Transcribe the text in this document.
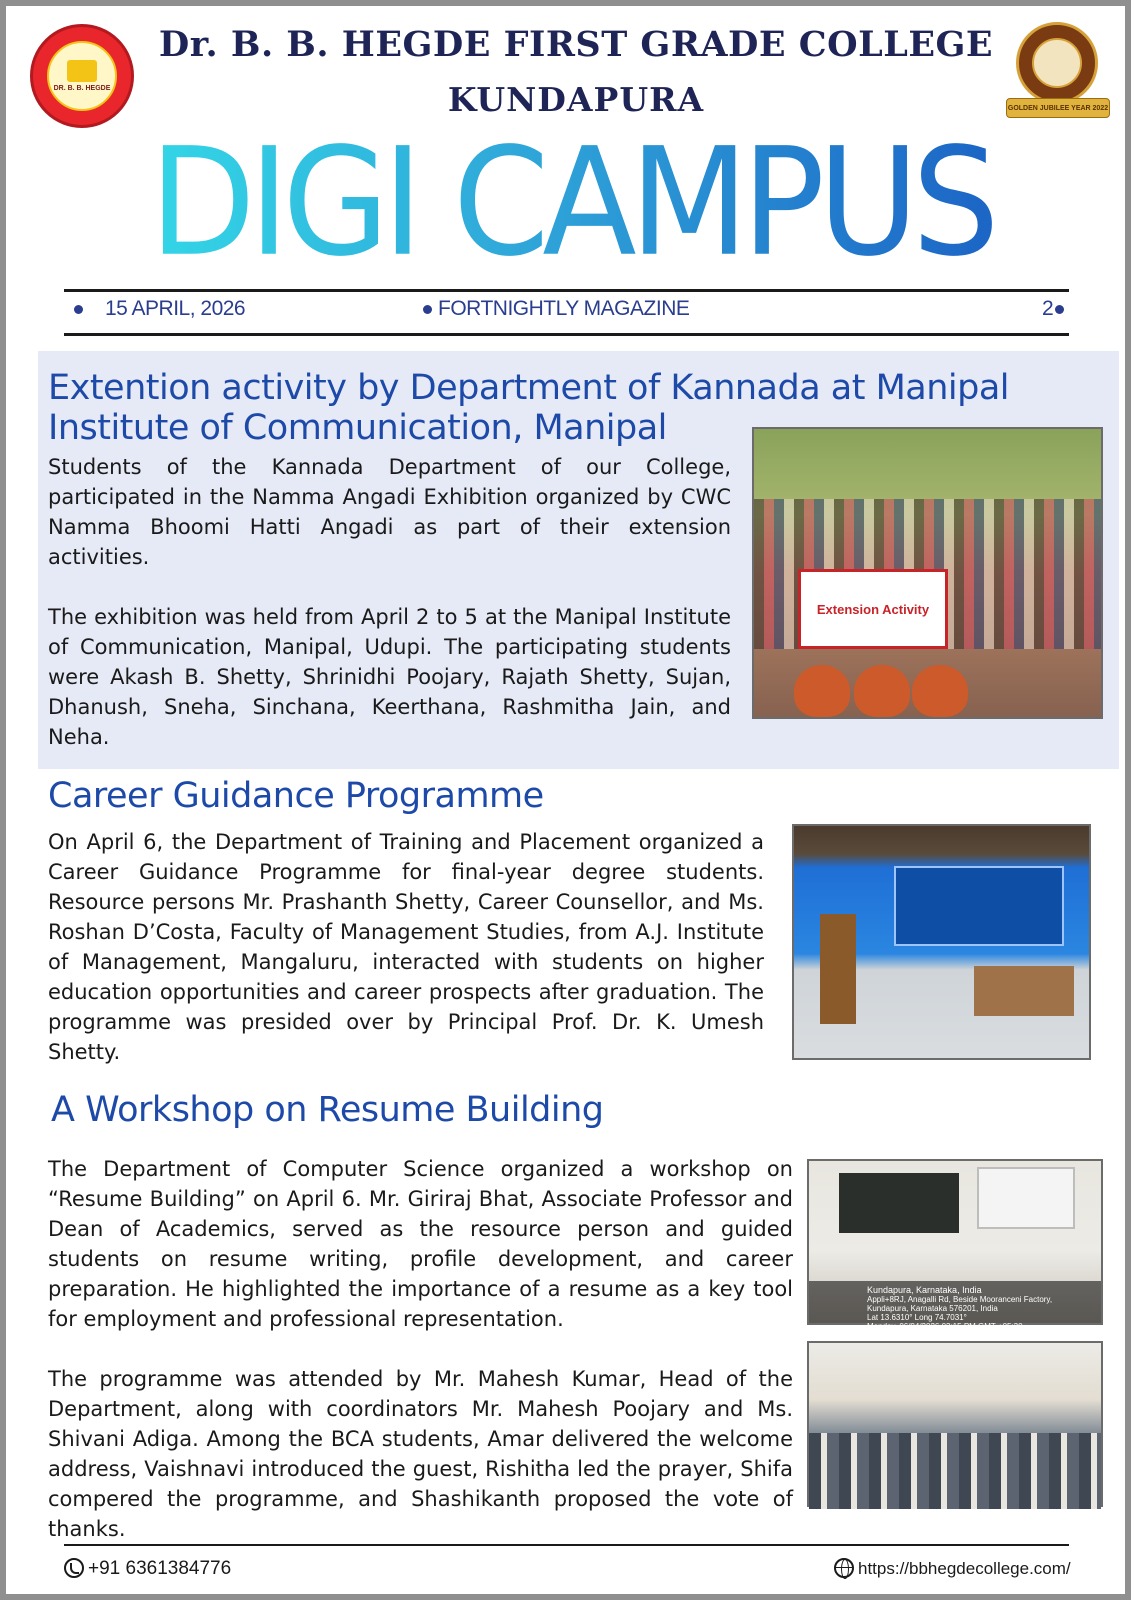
DR. B. B. HEGDE
GOLDEN JUBILEE YEAR 2022
Dr. B. B. HEGDE FIRST GRADE COLLEGE
KUNDAPURA
DIGI CAMPUS
15 APRIL, 2026	FORTNIGHTLY MAGAZINE	2
Extention activity by Department of Kannada at Manipal Institute of Communication, Manipal

Students of the Kannada Department of our College, participated in the Namma Angadi Exhibition organized by CWC Namma Bhoomi Hatti Angadi as part of their extension activities.

The exhibition was held from April 2 to 5 at the Manipal Institute of Communication, Manipal, Udupi. The participating students were Akash B. Shetty, Shrinidhi Poojary, Rajath Shetty, Sujan, Dhanush, Sneha, Sinchana, Keerthana, Rashmitha Jain, and Neha.

Extension Activity
Career Guidance Programme

On April 6, the Department of Training and Placement organized a Career Guidance Programme for final-year degree students. Resource persons Mr. Prashanth Shetty, Career Counsellor, and Ms. Roshan D’Costa, Faculty of Management Studies, from A.J. Institute of Management, Mangaluru, interacted with students on higher education opportunities and career prospects after graduation. The programme was presided over by Principal Prof. Dr. K. Umesh Shetty.

A Workshop on Resume Building

The Department of Computer Science organized a workshop on “Resume Building” on April 6. Mr. Giriraj Bhat, Associate Professor and Dean of Academics, served as the resource person and guided students on resume writing, profile development, and career preparation. He highlighted the importance of a resume as a key tool for employment and professional representation.

The programme was attended by Mr. Mahesh Kumar, Head of the Department, along with coordinators Mr. Mahesh Poojary and Ms. Shivani Adiga. Among the BCA students, Amar delivered the welcome address, Vaishnavi introduced the guest, Rishitha led the prayer, Shifa compered the programme, and Shashikanth proposed the vote of thanks.

Kundapura, Karnataka, India
Appli+8RJ, Anagalli Rd, Beside Mooranceni Factory, Kundapura, Karnataka 576201, India
Lat 13.6310° Long 74.7031°
Monday, 06/04/2026 03:15 PM GMT +05:30
+91 6361384776	https://bbhegdecollege.com/
